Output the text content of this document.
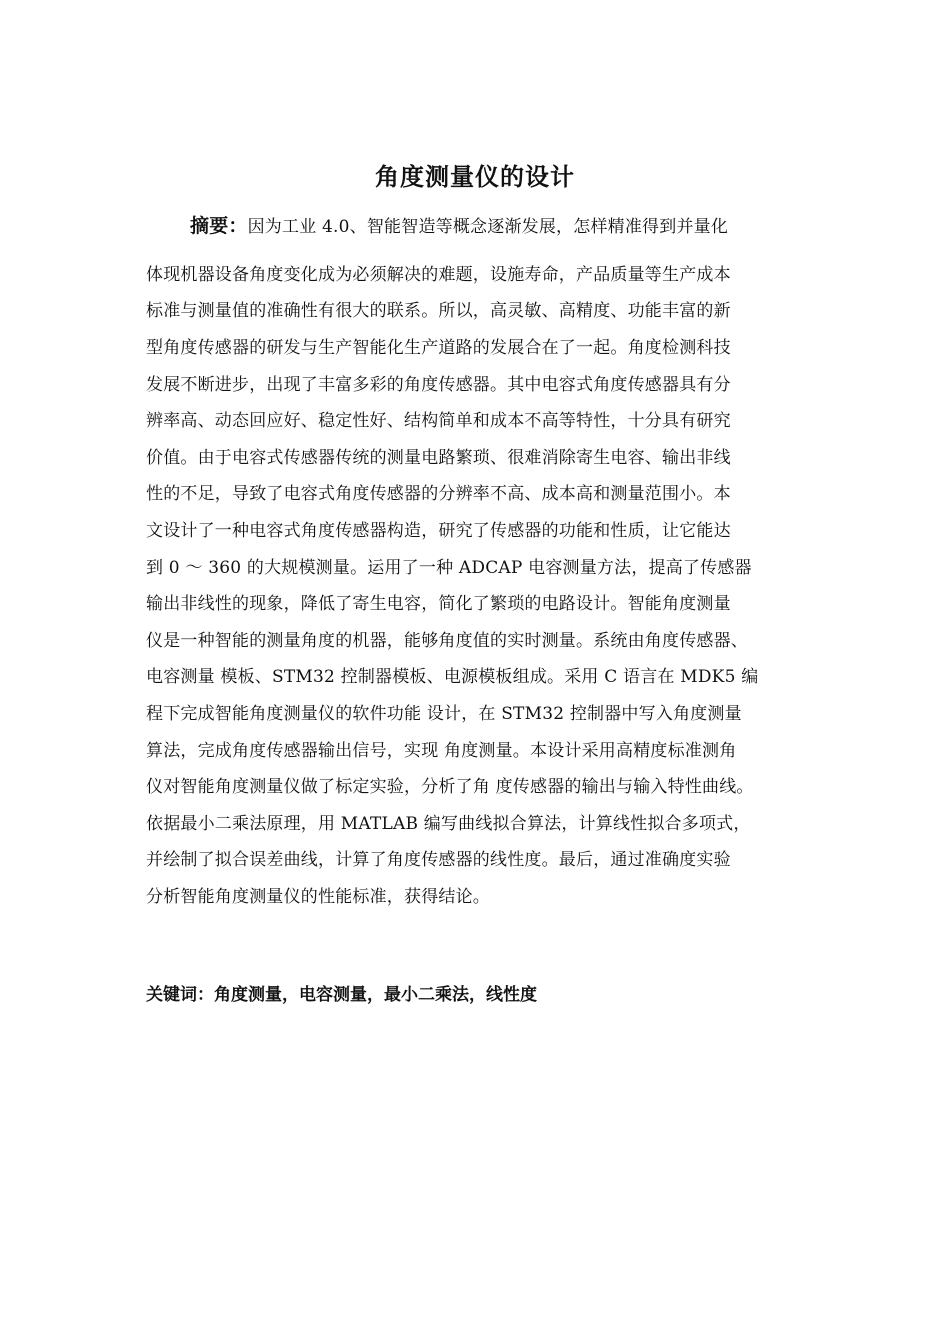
角度测量仪的设计
摘要：因为工业 4.0、智能智造等概念逐渐发展，怎样精准得到并量化
体现机器设备角度变化成为必须解决的难题，设施寿命，产品质量等生产成本
标准与测量值的准确性有很大的联系。所以，高灵敏、高精度、功能丰富的新
型角度传感器的研发与生产智能化生产道路的发展合在了一起。角度检测科技
发展不断进步，出现了丰富多彩的角度传感器。其中电容式角度传感器具有分
辨率高、动态回应好、稳定性好、结构简单和成本不高等特性，十分具有研究
价值。由于电容式传感器传统的测量电路繁琐、很难消除寄生电容、输出非线
性的不足，导致了电容式角度传感器的分辨率不高、成本高和测量范围小。本
文设计了一种电容式角度传感器构造，研究了传感器的功能和性质，让它能达
到 0 ～ 360 的大规模测量。运用了一种 ADCAP 电容测量方法，提高了传感器
输出非线性的现象，降低了寄生电容，简化了繁琐的电路设计。智能角度测量
仪是一种智能的测量角度的机器，能够角度值的实时测量。系统由角度传感器、
电容测量 模板、STM32 控制器模板、电源模板组成。采用 C 语言在 MDK5 编
程下完成智能角度测量仪的软件功能 设计，在 STM32 控制器中写入角度测量
算法，完成角度传感器输出信号，实现 角度测量。本设计采用高精度标准测角
仪对智能角度测量仪做了标定实验，分析了角 度传感器的输出与输入特性曲线。
依据最小二乘法原理，用 MATLAB 编写曲线拟合算法，计算线性拟合多项式，
并绘制了拟合误差曲线，计算了角度传感器的线性度。最后，通过准确度实验
分析智能角度测量仪的性能标准，获得结论。
关键词：角度测量，电容测量，最小二乘法，线性度
